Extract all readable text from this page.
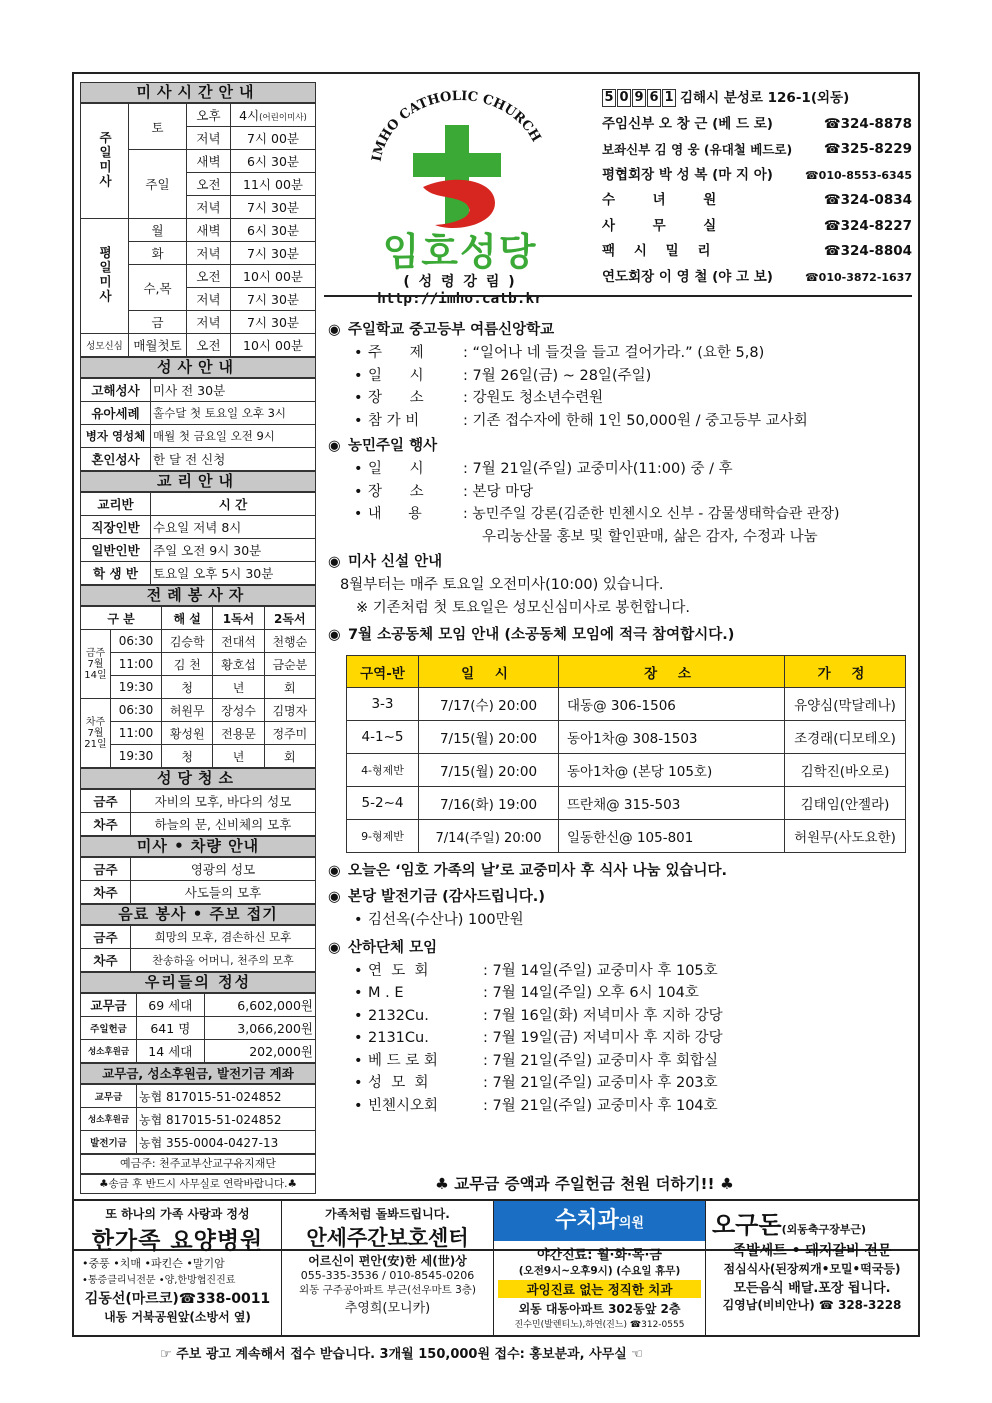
미사시간안내
주일미사	토	오후	4시(어린이미사)
		저녁	7시 00분
	주일	새벽	6시 30분
		오전	11시 00분
		저녁	7시 30분
평일미사	월	새벽	6시 30분
	화	저녁	7시 30분
	수,목	오전	10시 00분
		저녁	7시 30분
	금	저녁	7시 30분
성모신심	매월첫토	오전	10시 00분
성사안내
고해성사	미사 전 30분
유아세례	홀수달 첫 토요일 오후 3시
병자 영성체	매월 첫 금요일 오전 9시
혼인성사	한 달 전 신청
교리안내
교리반	시 간
직장인반	수요일 저녁 8시
일반인반	주일 오전 9시 30분
학 생 반	토요일 오후 5시 30분
전례봉사자
구 분		해 설	1독서	2독서
금주 7월 14일	06:30	김승학	전대석	천행순
	11:00	김 천	황호섭	금순분
	19:30	청	년	회
차주 7월 21일	06:30	허원무	장성수	김명자
	11:00	황성원	전용문	정주미
	19:30	청	년	회
성당청소
금주	자비의 모후, 바다의 성모
차주	하늘의 문, 신비체의 모후
미사 • 차량 안내
금주	영광의 성모
차주	사도들의 모후
음료 봉사 • 주보 접기
금주	희망의 모후, 겸손하신 모후
차주	찬송하올 어머니, 천주의 모후
우리들의 정성
교무금	69 세대	6,602,000원
주일헌금	641 명	3,066,200원
성소후원금	14 세대	202,000원
교무금, 성소후원금, 발전기금 계좌
교무금	농협 817015-51-024852
성소후원금	농협 817015-51-024852
발전기금	농협 355-0004-0427-13
예금주: 천주교부산교구유지재단
♣송금 후 반드시 사무실로 연락바랍니다.♣
IMHO CATHOLIC CHURCH
임호성당
( 성 령 강 림 )
http://imho.catb.kr
5 0 9 6 1 김해시 분성로 126-1(외동)
주임신부 오 창 근 (베 드 로)	☎324-8878
보좌신부 김 영 웅 (유대철 베드로) ☎325-8229
평협회장 박 성 복 (마 지 아)	☎010-8553-6345
수        녀        원	☎324-0834
사        무        실	☎324-8227
팩    시    밀    리	☎324-8804
연도회장 이 영 철 (야 고 보)	☎010-3872-1637
◉ 주일학교 중고등부 여름신앙학교
• 주      제	: “일어나 네 들것을 들고 걸어가라.” (요한 5,8)
• 일      시	: 7월 26일(금) ~ 28일(주일)
• 장      소	: 강원도 청소년수련원
• 참 가 비	: 기존 접수자에 한해 1인 50,000원 / 중고등부 교사회
◉ 농민주일 행사
• 일      시	: 7월 21일(주일) 교중미사(11:00) 중 / 후
• 장      소	: 본당 마당
• 내      용	: 농민주일 강론(김준한 빈첸시오 신부 - 감물생태학습관 관장)
우리농산물 홍보 및 할인판매, 삶은 감자, 수정과 나눔
◉ 미사 신설 안내
8월부터는 매주 토요일 오전미사(10:00) 있습니다.
※ 기존처럼 첫 토요일은 성모신심미사로 봉헌합니다.
◉ 7월 소공동체 모임 안내 (소공동체 모임에 적극 참여합시다.)
구역-반	일 시	장 소	가 정
3-3	7/17(수) 20:00	대동@ 306-1506	유양심(막달레나)
4-1~5	7/15(월) 20:00	동아1차@ 308-1503	조경래(디모테오)
4-형제반	7/15(월) 20:00	동아1차@ (본당 105호)	김학진(바오로)
5-2~4	7/16(화) 19:00	뜨란채@ 315-503	김태임(안젤라)
9-형제반	7/14(주일) 20:00	일동한신@ 105-801	허원무(사도요한)
◉ 오늘은 ‘임호 가족의 날’로 교중미사 후 식사 나눔 있습니다.
◉ 본당 발전기금 (감사드립니다.)
• 김선옥(수산나) 100만원
◉ 산하단체 모임
• 연  도  회	: 7월 14일(주일) 교중미사 후 105호
• M . E	: 7월 14일(주일) 오후 6시 104호
• 2132Cu.	: 7월 16일(화) 저녁미사 후 지하 강당
• 2131Cu.	: 7월 19일(금) 저녁미사 후 지하 강당
• 베 드 로 회	: 7월 21일(주일) 교중미사 후 회합실
• 성  모  회	: 7월 21일(주일) 교중미사 후 203호
• 빈첸시오회	: 7월 21일(주일) 교중미사 후 104호
♣ 교무금 증액과 주일헌금 천원 더하기!! ♣
또 하나의 가족 사랑과 정성
한가족 요양병원
•중풍 •치매 •파킨슨 •말기암
•통증클리닉전문 •양,한방협진진료
김동선(마르코)☎338-0011
내동 거북공원앞(소방서 옆)
가족처럼 돌봐드립니다.
안세주간보호센터
어르신이 편안(安)한 세(世)상
055-335-3536 / 010-8545-0206
외동 구주공아파트 부근(선우마트 3층)
추영희(모니카)
수치과의원
야간진료: 월·화·목·금
(오전9시~오후9시) (수요일 휴무)
과잉진료 없는 정직한 치과
외동 대동아파트 302동앞 2층
진수민(발렌티노),하연(진느) ☎312-0555
오구돈(외동축구장부근)
족발세트 • 돼지갈비 전문
점심식사(된장찌개•모밀•떡국등)
모든음식 배달.포장 됩니다.
김영남(비비안나) ☎ 328-3228
☞ 주보 광고 계속해서 접수 받습니다. 3개월 150,000원 접수: 홍보분과, 사무실 ☜
